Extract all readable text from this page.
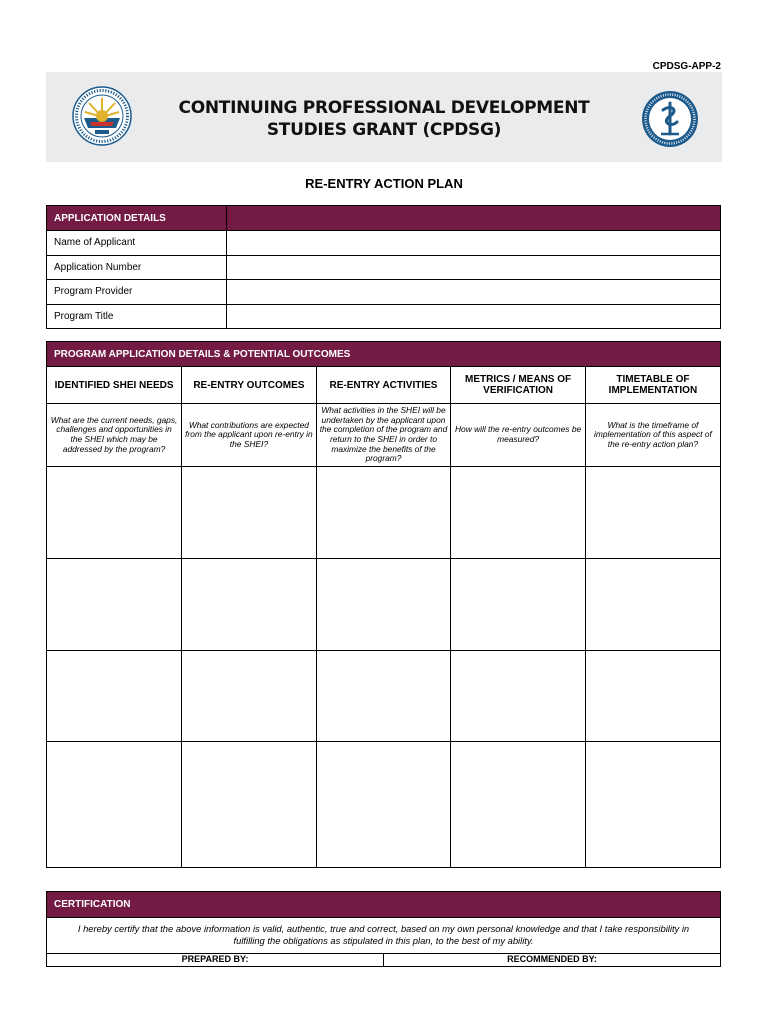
CPDSG-APP-2
CONTINUING PROFESSIONAL DEVELOPMENT
STUDIES GRANT (CPDSG)
RE-ENTRY ACTION PLAN
APPLICATION DETAILS
Name of Applicant
Application Number
Program Provider
Program Title
PROGRAM APPLICATION DETAILS & POTENTIAL OUTCOMES
IDENTIFIED SHEI NEEDS	RE-ENTRY OUTCOMES	RE-ENTRY ACTIVITIES	METRICS / MEANS OF VERIFICATION	TIMETABLE OF IMPLEMENTATION
What are the current needs, gaps, challenges and opportunities in the SHEI which may be addressed by the program?	What contributions are expected from the applicant upon re-entry in the SHEI?	What activities in the SHEI will be undertaken by the applicant upon the completion of the program and return to the SHEI in order to maximize the benefits of the program?	How will the re-entry outcomes be measured?	What is the timeframe of implementation of this aspect of the re-entry action plan?

CERTIFICATION
I hereby certify that the above information is valid, authentic, true and correct, based on my own personal knowledge and that I take responsibility in fulfilling the obligations as stipulated in this plan, to the best of my ability.
PREPARED BY:	RECOMMENDED BY:
